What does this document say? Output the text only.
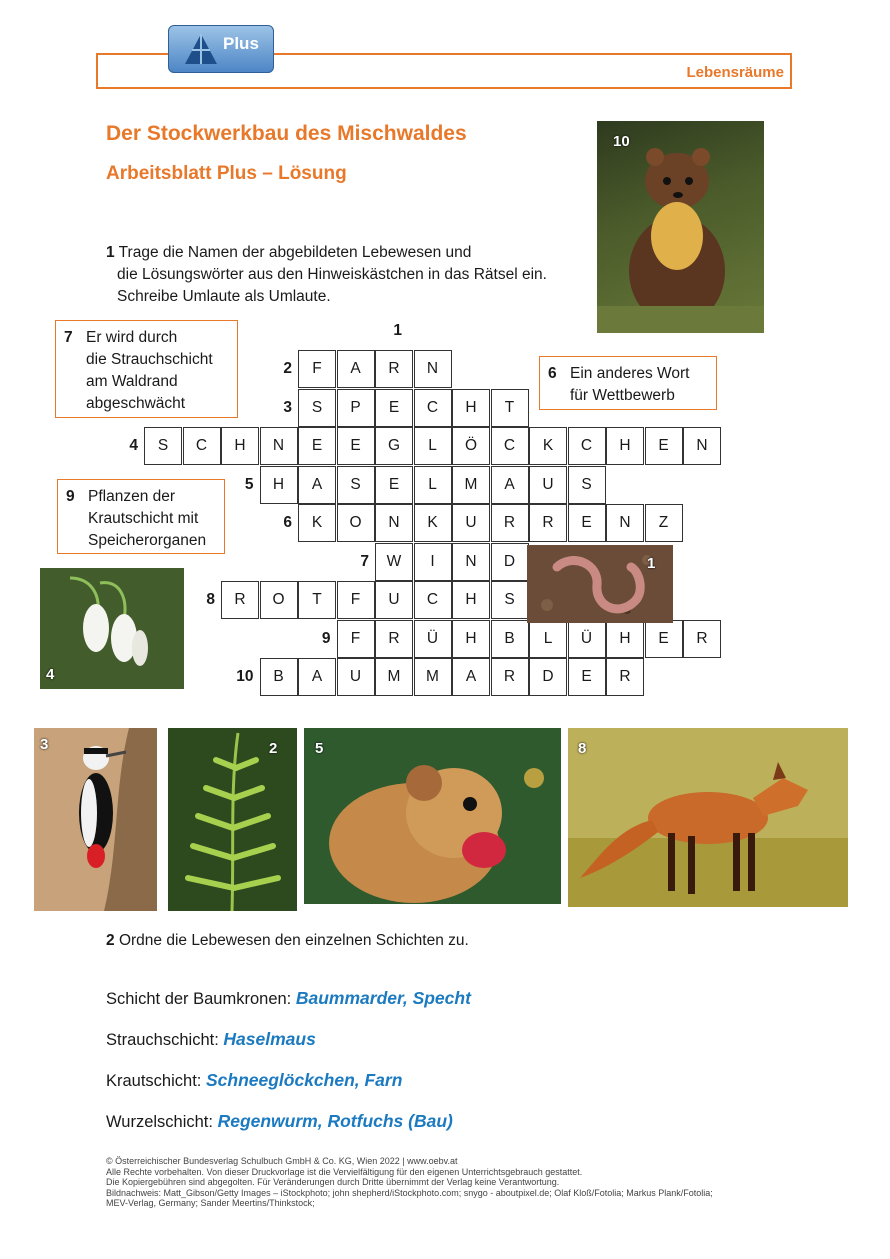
Lebensräume
Plus
Der Stockwerkbau des Mischwaldes
Arbeitsblatt Plus – Lösung
1 Trage die Namen der abgebildeten Lebewesen und
die Lösungswörter aus den Hinweiskästchen in das Rätsel ein.
Schreibe Umlaute als Umlaute.
10
7 Er wird durch
die Strauchschicht
am Waldrand
abgeschwächt
6 Ein anderes Wort
für Wettbewerb
9 Pflanzen der
Krautschicht mit
Speicherorganen
1
2	F	A	R	N
3	S	P	E	C	H	T
4	S	C	H	N	E	E	G	L	Ö	C	K	C	H	E	N
5	H	A	S	E	L	M	A	U	S
6	K	O	N	K	U	R	R	E	N	Z
7	W	I	N	D
8	R	O	T	F	U	C	H	S
9	F	R	Ü	H	B	L	Ü	H	E	R
10	B	A	U	M	M	A	R	D	E	R
1
4
3	2	5	8
2 Ordne die Lebewesen den einzelnen Schichten zu.
Schicht der Baumkronen: Baummarder, Specht
Strauchschicht: Haselmaus
Krautschicht: Schneeglöckchen, Farn
Wurzelschicht: Regenwurm, Rotfuchs (Bau)
© Österreichischer Bundesverlag Schulbuch GmbH & Co. KG, Wien 2022 | www.oebv.at
Alle Rechte vorbehalten. Von dieser Druckvorlage ist die Vervielfältigung für den eigenen Unterrichtsgebrauch gestattet.
Die Kopiergebühren sind abgegolten. Für Veränderungen durch Dritte übernimmt der Verlag keine Verantwortung.
Bildnachweis: Matt_Gibson/Getty Images – iStockphoto; john shepherd/iStockphoto.com; snygo - aboutpixel.de; Olaf Kloß/Fotolia; Markus Plank/Fotolia;
MEV-Verlag, Germany; Sander Meertins/Thinkstock;
